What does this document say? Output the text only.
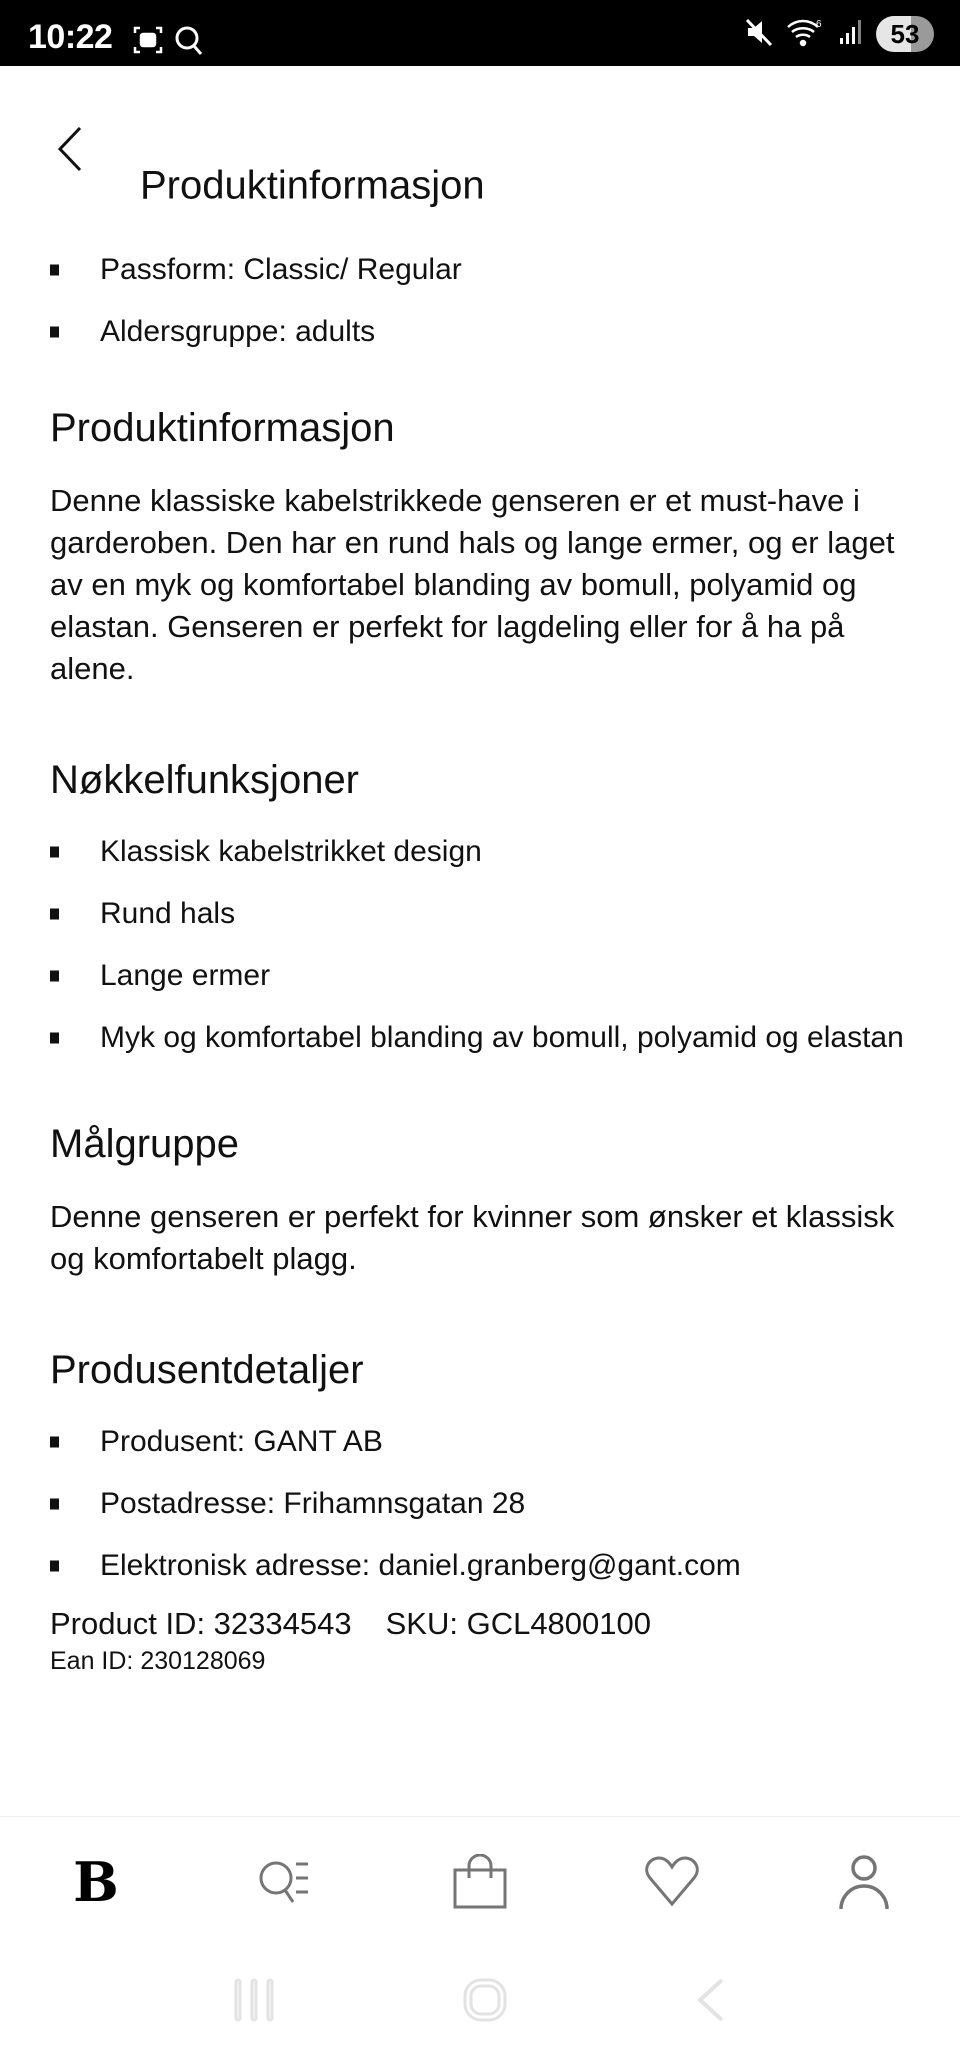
10:22	6	53
Produktinformasjon
Passform: Classic/ Regular
Aldersgruppe: adults
Produktinformasjon

Denne klassiske kabelstrikkede genseren er et must-have i garderoben. Den har en rund hals og lange ermer, og er laget av en myk og komfortabel blanding av bomull, polyamid og elastan. Genseren er perfekt for lagdeling eller for å ha på alene.

Nøkkelfunksjoner
Klassisk kabelstrikket design
Rund hals
Lange ermer
Myk og komfortabel blanding av bomull, polyamid og elastan
Målgruppe

Denne genseren er perfekt for kvinner som ønsker et klassisk og komfortabelt plagg.

Produsentdetaljer
Produsent: GANT AB
Postadresse: Frihamnsgatan 28
Elektronisk adresse: daniel.granberg@gant.com
Product ID: 32334543 SKU: GCL4800100
Ean ID: 230128069
B
